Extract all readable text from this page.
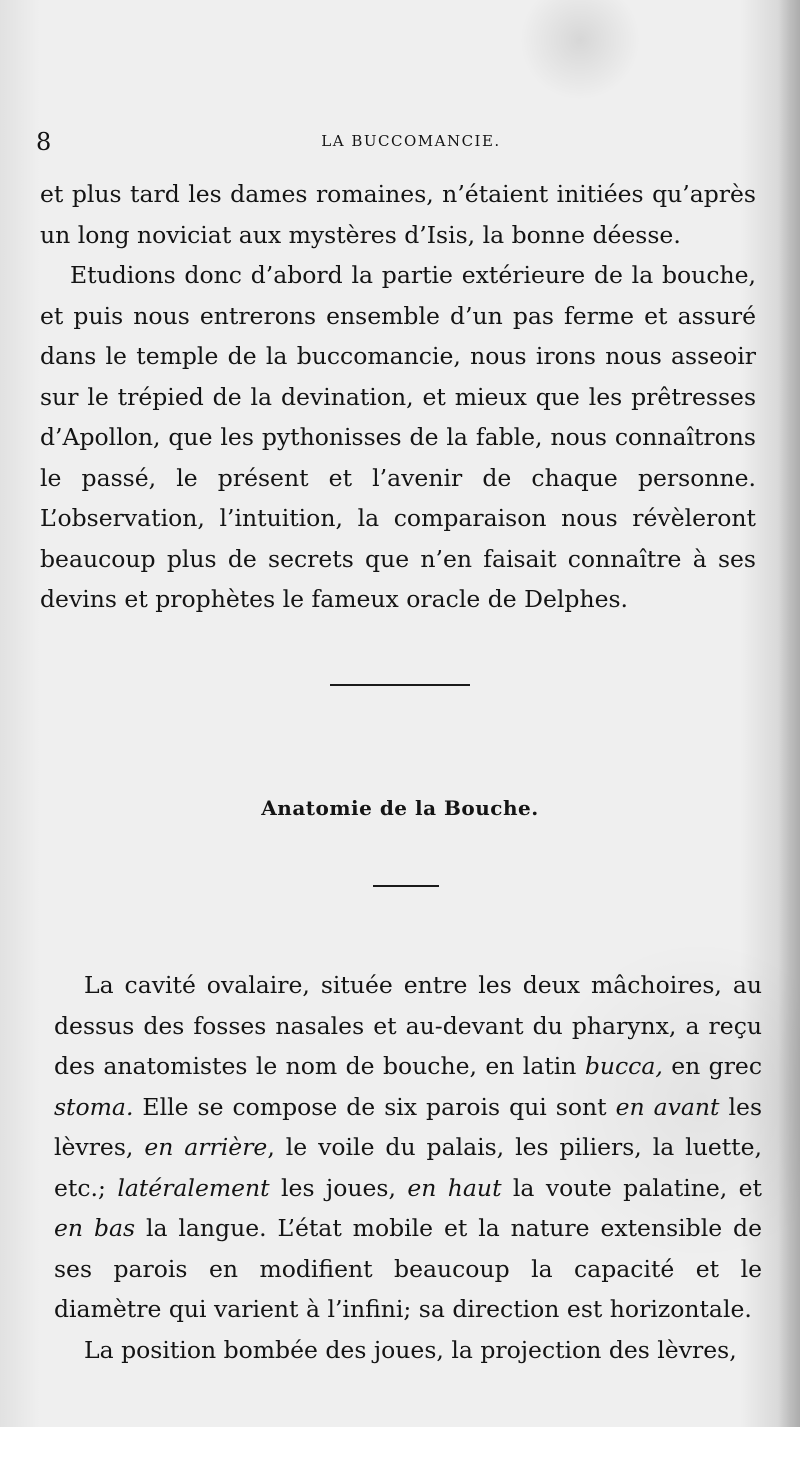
8	LA BUCCOMANCIE.

et plus tard les dames romaines, n’étaient initiées qu’après un long noviciat aux mystères d’Isis, la bonne déesse.

Etudions donc d’abord la partie extérieure de la bouche, et puis nous entrerons ensemble d’un pas ferme et assuré dans le temple de la buccomancie, nous irons nous asseoir sur le trépied de la devination, et mieux que les prêtresses d’Apollon, que les pythonisses de la fable, nous connaîtrons le passé, le présent et l’avenir de chaque personne. L’observation, l’intuition, la comparaison nous révèleront beaucoup plus de secrets que n’en faisait connaître à ses devins et prophètes le fameux oracle de Delphes.

Anatomie de la Bouche.

La cavité ovalaire, située entre les deux mâchoires, au dessus des fosses nasales et au-devant du pharynx, a reçu des anatomistes le nom de bouche, en latin bucca, en grec stoma. Elle se compose de six parois qui sont en avant les lèvres, en arrière, le voile du palais, les piliers, la luette, etc.; latéralement les joues, en haut la voute palatine, et en bas la langue. L’état mobile et la nature extensible de ses parois en modifient beaucoup la capacité et le diamètre qui varient à l’infini; sa direction est horizontale.

La position bombée des joues, la projection des lèvres,
